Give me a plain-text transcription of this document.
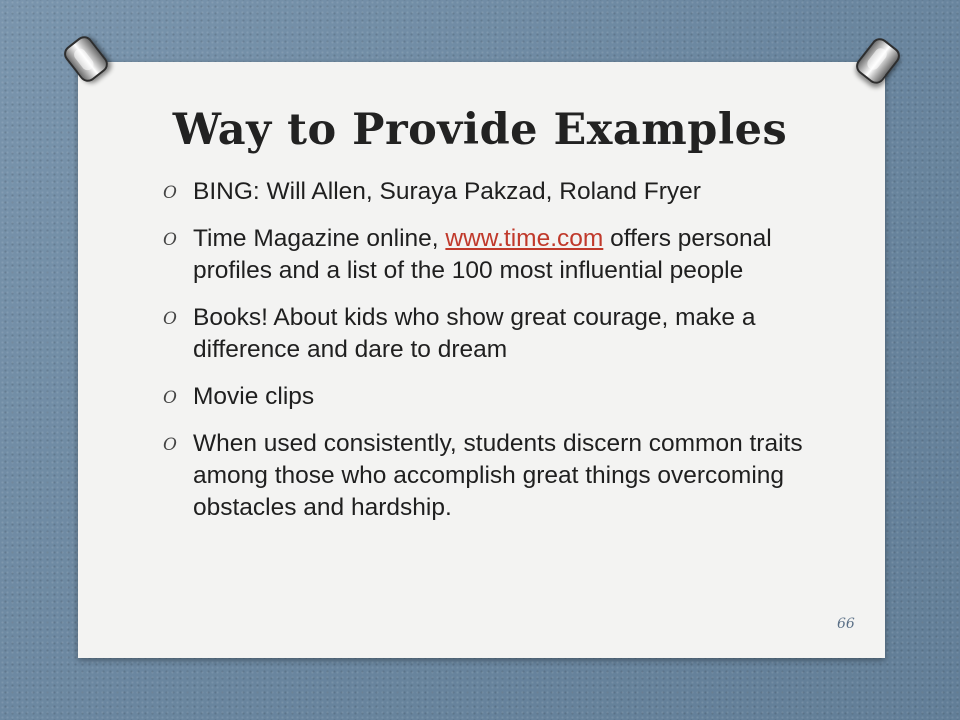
Way to Provide Examples
O BING: Will Allen, Suraya Pakzad, Roland Fryer
O Time Magazine online, www.time.com offers personal profiles and a list of the 100 most influential people
O Books! About kids who show great courage, make a difference and dare to dream
O Movie clips
O When used consistently, students discern common traits among those who accomplish great things overcoming obstacles and hardship.
66
